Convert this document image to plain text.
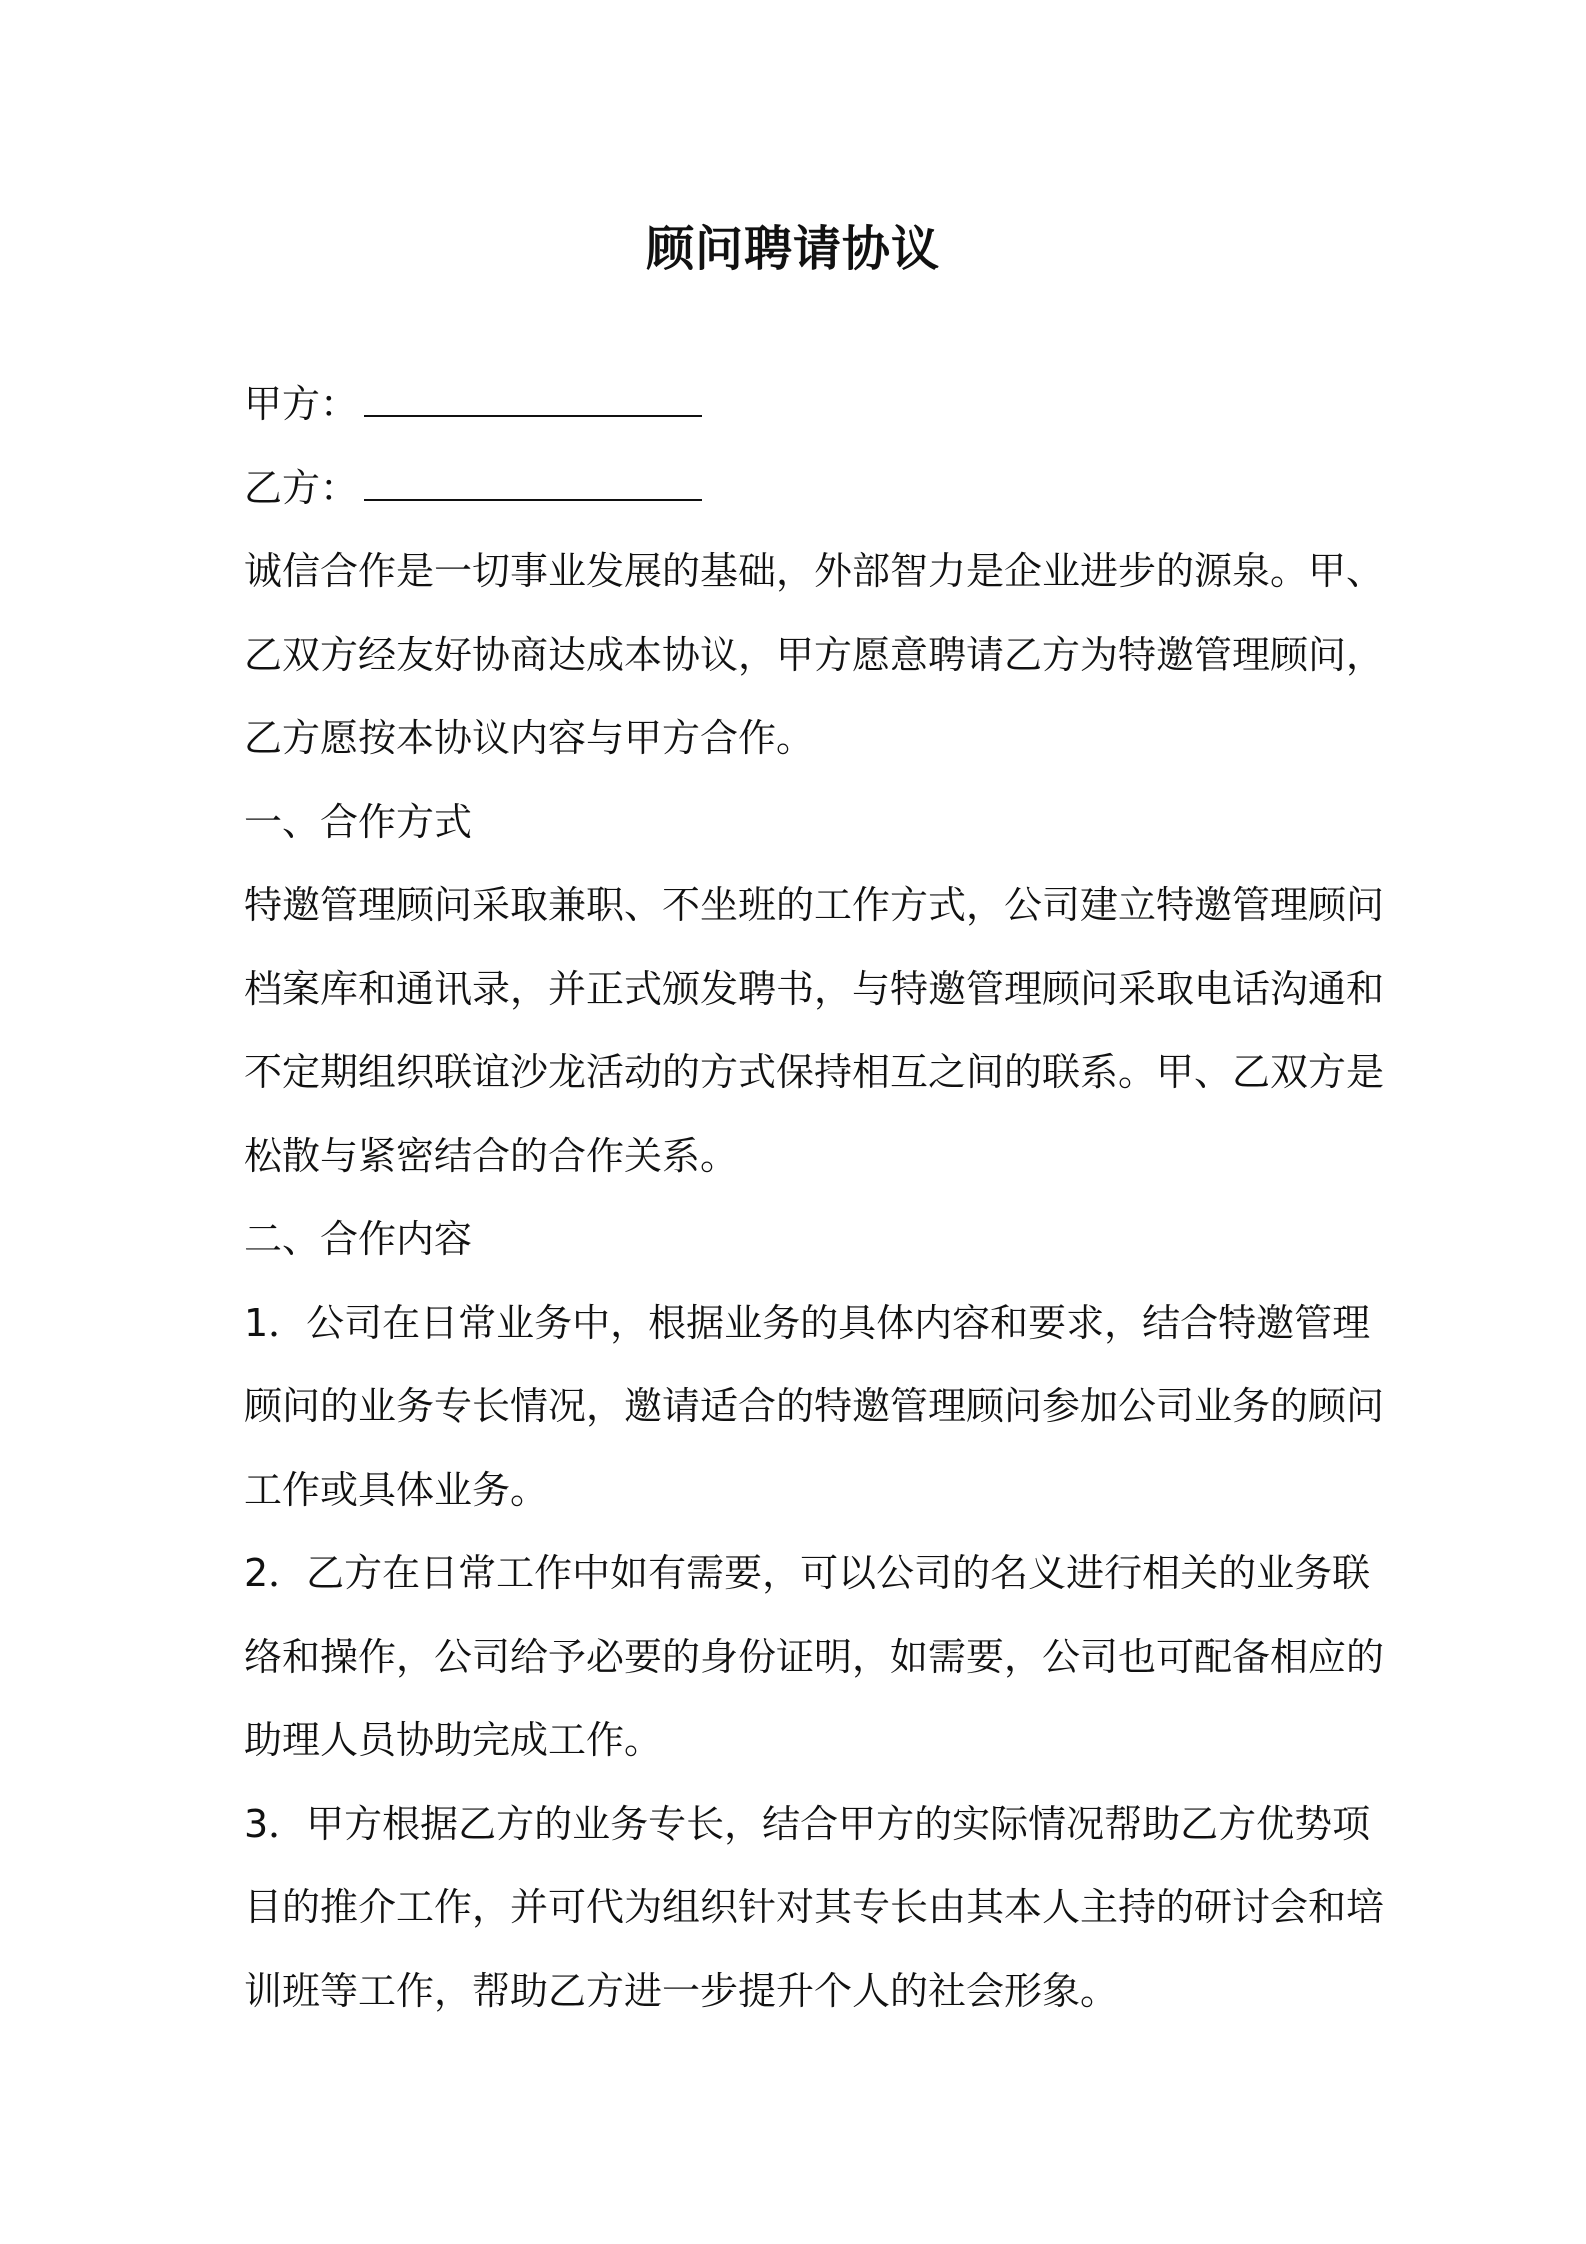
顾问聘请协议
甲方：
乙方：
诚信合作是一切事业发展的基础，外部智力是企业进步的源泉。甲、
乙双方经友好协商达成本协议，甲方愿意聘请乙方为特邀管理顾问，
乙方愿按本协议内容与甲方合作。
一、合作方式
特邀管理顾问采取兼职、不坐班的工作方式，公司建立特邀管理顾问
档案库和通讯录，并正式颁发聘书，与特邀管理顾问采取电话沟通和
不定期组织联谊沙龙活动的方式保持相互之间的联系。甲、乙双方是
松散与紧密结合的合作关系。
二、合作内容
1．公司在日常业务中，根据业务的具体内容和要求，结合特邀管理
顾问的业务专长情况，邀请适合的特邀管理顾问参加公司业务的顾问
工作或具体业务。
2．乙方在日常工作中如有需要，可以公司的名义进行相关的业务联
络和操作，公司给予必要的身份证明，如需要，公司也可配备相应的
助理人员协助完成工作。
3．甲方根据乙方的业务专长，结合甲方的实际情况帮助乙方优势项
目的推介工作，并可代为组织针对其专长由其本人主持的研讨会和培
训班等工作，帮助乙方进一步提升个人的社会形象。
